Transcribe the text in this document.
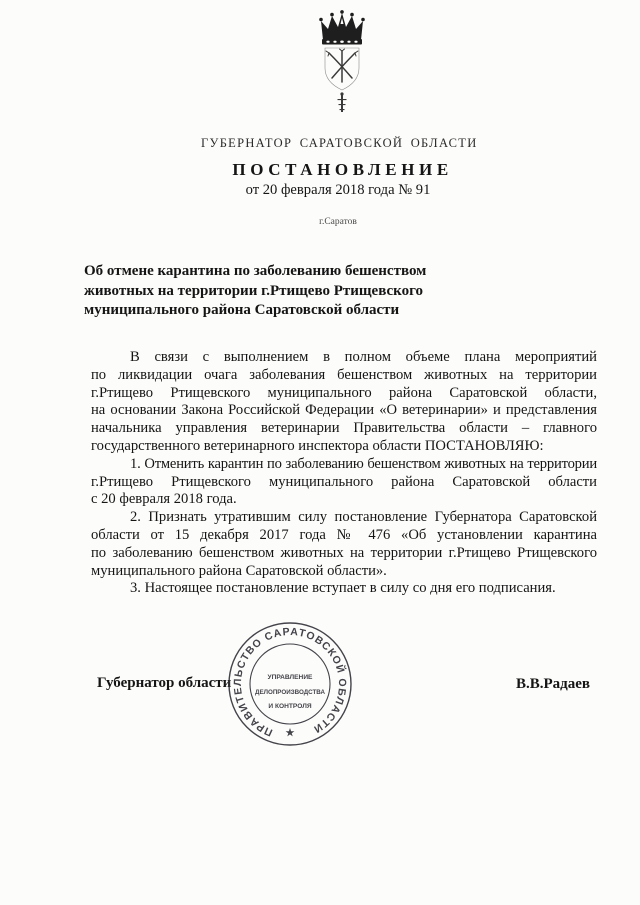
ГУБЕРНАТОР САРАТОВСКОЙ ОБЛАСТИ
ПОСТАНОВЛЕНИЕ
от 20 февраля 2018 года № 91
г.Саратов
Об отмене карантина по заболеванию бешенством
животных на территории г.Ртищево Ртищевского
муниципального района Саратовской области
В связи с выполнением в полном объеме плана мероприятий
по ликвидации очага заболевания бешенством животных на территории
г.Ртищево Ртищевского муниципального района Саратовской области,
на основании Закона Российской Федерации «О ветеринарии» и представления
начальника управления ветеринарии Правительства области – главного
государственного ветеринарного инспектора области ПОСТАНОВЛЯЮ:
1. Отменить карантин по заболеванию бешенством животных на территории
г.Ртищево Ртищевского муниципального района Саратовской области
с 20 февраля 2018 года.
2. Признать утратившим силу постановление Губернатора Саратовской
области от 15 декабря 2017 года № 476 «Об установлении карантина
по заболеванию бешенством животных на территории г.Ртищево Ртищевского
муниципального района Саратовской области».
3. Настоящее постановление вступает в силу со дня его подписания.
Губернатор области	В.В.Радаев
ПРАВИТЕЛЬСТВО САРАТОВСКОЙ ОБЛАСТИ
УПРАВЛЕНИЕ
ДЕЛОПРОИЗВОДСТВА
И КОНТРОЛЯ
